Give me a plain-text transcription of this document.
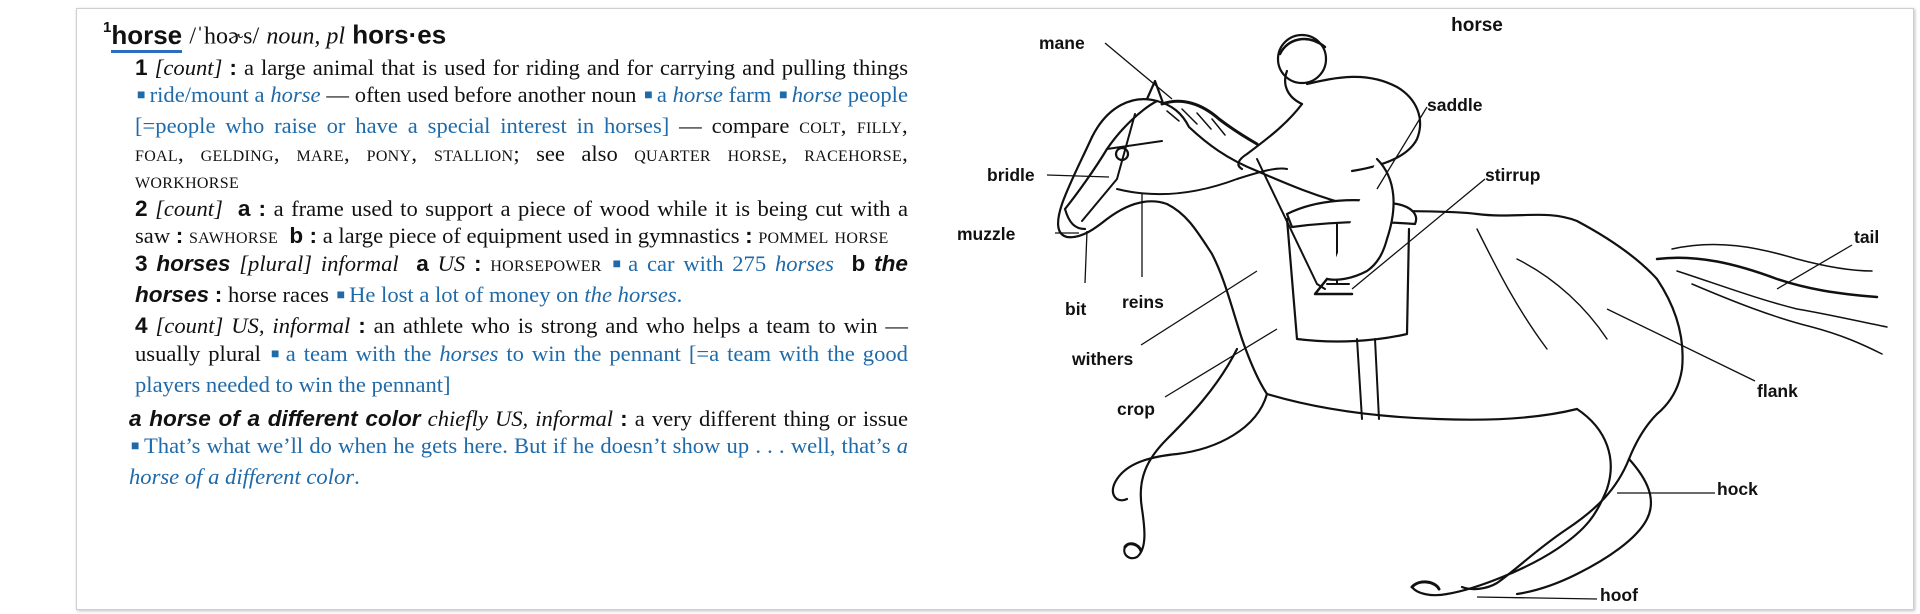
$^1$horse /ˈhoɚs/ noun, pl hors·es
1 [count] : a large animal that is used for riding and for carrying and pulling things ■ ride/mount a horse — often used before another noun ■ a horse farm ■ horse people [=people who raise or have a special interest in horses] — compare colt, filly, foal, gelding, mare, pony, stallion; see also quarter horse, racehorse, workhorse
2 [count] a : a frame used to support a piece of wood while it is being cut with a saw : sawhorse b : a large piece of equipment used in gymnastics : pommel horse
3 horses [plural] informal a US : horsepower ■ a car with 275 horses b the horses : horse races ■ He lost a lot of money on the horses.
4 [count] US, informal : an athlete who is strong and who helps a team to win — usually plural ■ a team with the horses to win the pennant [=a team with the good players needed to win the pennant]
a horse of a different color chiefly US, informal : a very different thing or issue ■ That’s what we’ll do when he gets here. But if he doesn’t show up . . . well, that’s a horse of a different color.
horse
mane
bridle
muzzle
bit reins
withers
crop
saddle
stirrup
tail
flank
hock
hoof
